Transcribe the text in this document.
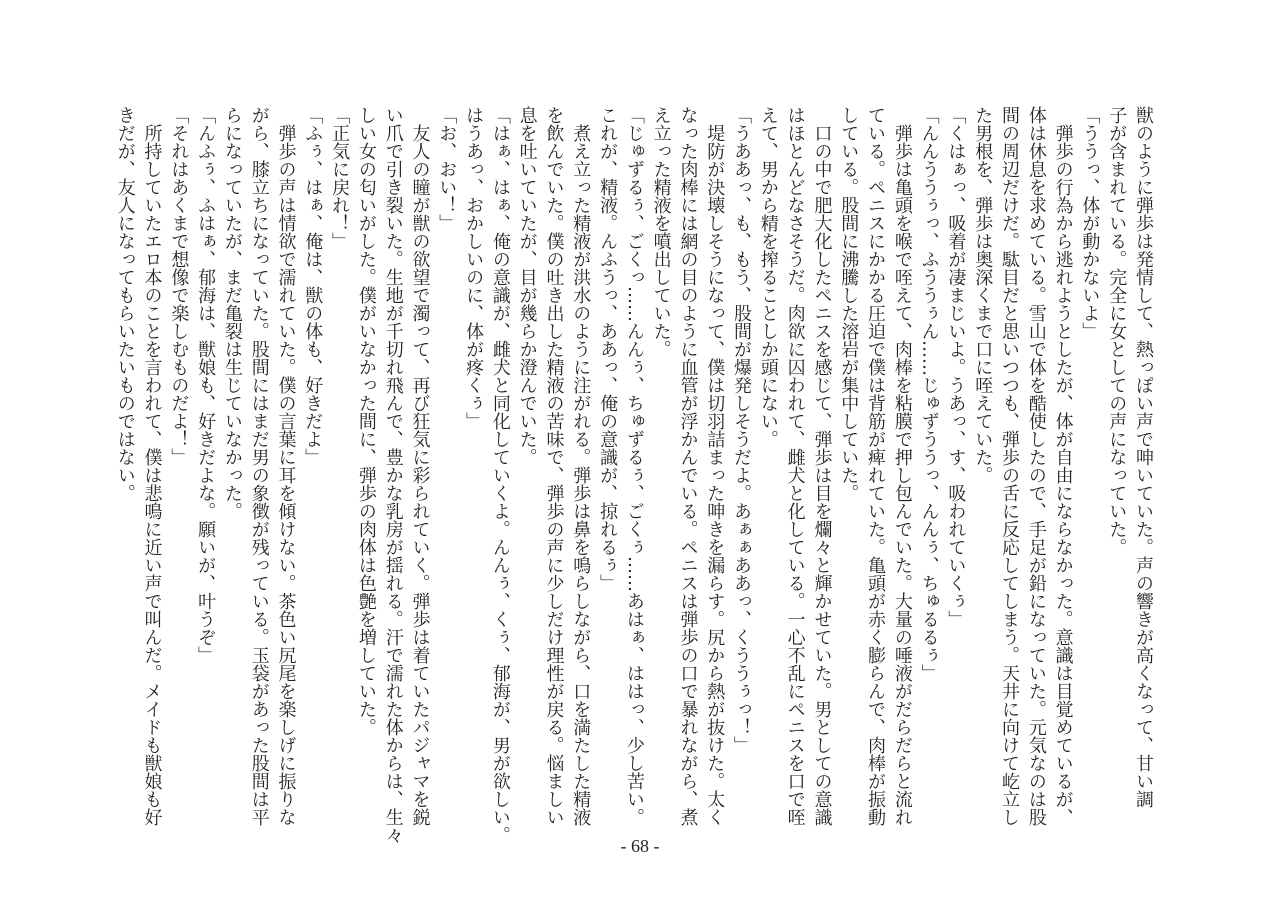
獣のように弾歩は発情して、熱っぽい声で呻いていた。声の響きが高くなって、甘い調
子が含まれている。完全に女としての声になっていた。
「ううっ、体が動かないよ」
　弾歩の行為から逃れようとしたが、体が自由にならなかった。意識は目覚めているが、
体は休息を求めている。雪山で体を酷使したので、手足が鉛になっていた。元気なのは股
間の周辺だけだ。駄目だと思いつつも、弾歩の舌に反応してしまう。天井に向けて屹立し
た男根を、弾歩は奥深くまで口に咥えていた。
「くはぁっ、吸着が凄まじいよ。うあっ、す、吸われていくぅ」
「んんううぅっ、ふううぅん……じゅずううっ、んんぅ、ちゅるるぅ」
　弾歩は亀頭を喉で咥えて、肉棒を粘膜で押し包んでいた。大量の唾液がだらだらと流れ
ている。ペニスにかかる圧迫で僕は背筋が痺れていた。亀頭が赤く膨らんで、肉棒が振動
している。股間に沸騰した溶岩が集中していた。
　口の中で肥大化したペニスを感じて、弾歩は目を爛々と輝かせていた。男としての意識
はほとんどなさそうだ。肉欲に囚われて、雌犬と化している。一心不乱にペニスを口で咥
えて、男から精を搾ることしか頭にない。
「うああっ、も、もう、股間が爆発しそうだよ。あぁぁああっ、くううぅっ！」
　堤防が決壊しそうになって、僕は切羽詰まった呻きを漏らす。尻から熱が抜けた。太く
なった肉棒には網の目のように血管が浮かんでいる。ペニスは弾歩の口で暴れながら、煮
え立った精液を噴出していた。
「じゅずるぅ、ごくっ……んんぅ、ちゅずるぅ、ごくぅ……あはぁ、ははっ、少し苦い。
これが、精液。んふうっ、ああっ、俺の意識が、掠れるぅ」
　煮え立った精液が洪水のように注がれる。弾歩は鼻を鳴らしながら、口を満たした精液
を飲んでいた。僕の吐き出した精液の苦味で、弾歩の声に少しだけ理性が戻る。悩ましい
息を吐いていたが、目が幾らか澄んでいた。
「はぁ、はぁ、俺の意識が、雌犬と同化していくよ。んんぅ、くぅ、郁海が、男が欲しい。
はうあっ、おかしいのに、体が疼くぅ」
「お、おい！」
　友人の瞳が獣の欲望で濁って、再び狂気に彩られていく。弾歩は着ていたパジャマを鋭
い爪で引き裂いた。生地が千切れ飛んで、豊かな乳房が揺れる。汗で濡れた体からは、生々
しい女の匂いがした。僕がいなかった間に、弾歩の肉体は色艶を増していた。
「正気に戻れ！」
「ふぅ、はぁ、俺は、獣の体も、好きだよ」
　弾歩の声は情欲で濡れていた。僕の言葉に耳を傾けない。茶色い尻尾を楽しげに振りな
がら、膝立ちになっていた。股間にはまだ男の象徴が残っている。玉袋があった股間は平
らになっていたが、まだ亀裂は生じていなかった。
「んふぅ、ふはぁ、郁海は、獣娘も、好きだよな。願いが、叶うぞ」
「それはあくまで想像で楽しむものだよ！」
　所持していたエロ本のことを言われて、僕は悲鳴に近い声で叫んだ。メイドも獣娘も好
きだが、友人になってもらいたいものではない。
- 68 -
